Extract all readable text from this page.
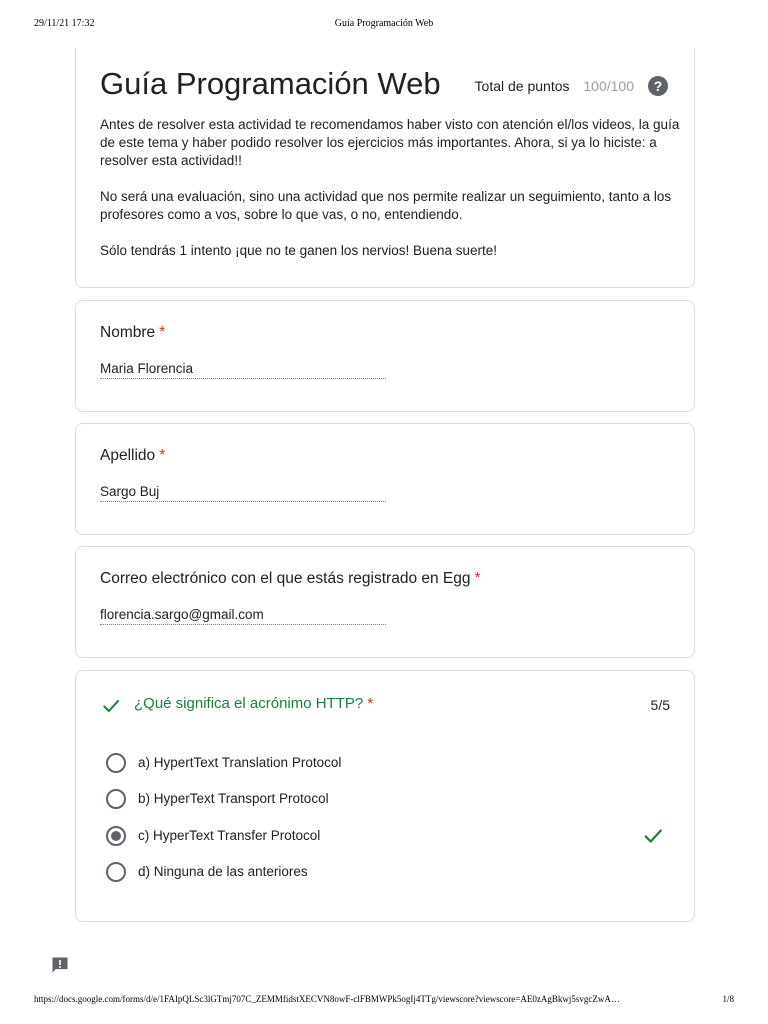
29/11/21 17:32	Guía Programación Web
Guía Programación Web Total de puntos 100/100	?

Antes de resolver esta actividad te recomendamos haber visto con atención el/los videos, la guía de este tema y haber podido resolver los ejercicios más importantes. Ahora, si ya lo hiciste: a resolver esta actividad!!

No será una evaluación, sino una actividad que nos permite realizar un seguimiento, tanto a los profesores como a vos, sobre lo que vas, o no, entendiendo.

Sólo tendrás 1 intento ¡que no te ganen los nervios! Buena suerte!

Nombre *
Maria Florencia
Apellido *
Sargo Buj
Correo electrónico con el que estás registrado en Egg *
florencia.sargo@gmail.com
¿Qué significa el acrónimo HTTP? *	5/5
a) HypertText Translation Protocol
b) HyperText Transport Protocol
c) HyperText Transfer Protocol
d) Ninguna de las anteriores
https://docs.google.com/forms/d/e/1FAIpQLSc3lGTmj707C_ZEMMfidstXECVN8owF-clFBMWPk5ogIj4TTg/viewscore?viewscore=AE0zAgBkwj5svgcZwA…	1/8
